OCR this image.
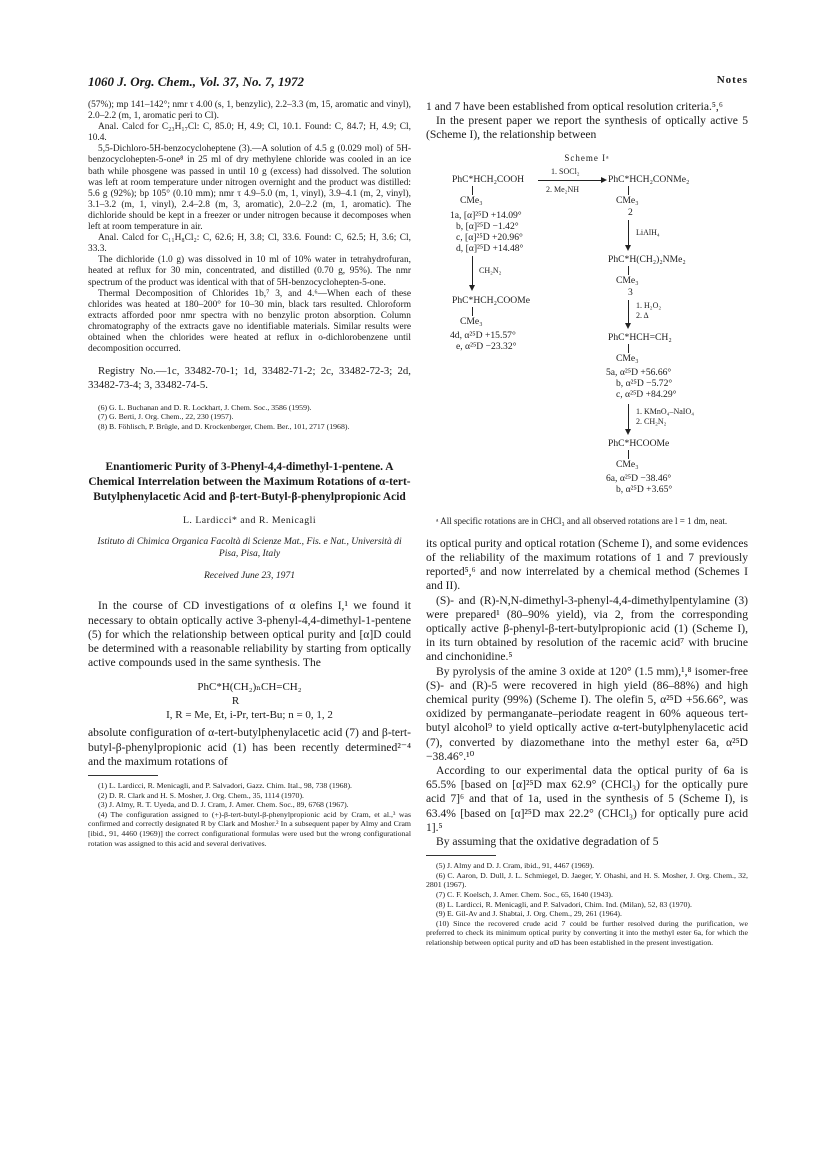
1060 J. Org. Chem., Vol. 37, No. 7, 1972	Notes

(57%); mp 141–142°; nmr τ 4.00 (s, 1, benzylic), 2.2–3.3 (m, 15, aromatic and vinyl), 2.0–2.2 (m, 1, aromatic peri to Cl).

Anal. Calcd for C₂₃H₁₇Cl: C, 85.0; H, 4.9; Cl, 10.1. Found: C, 84.7; H, 4.9; Cl, 10.4.

5,5-Dichloro-5H-benzocycloheptene (3).—A solution of 4.5 g (0.029 mol) of 5H-benzocyclohepten-5-one⁸ in 25 ml of dry methylene chloride was cooled in an ice bath while phosgene was passed in until 10 g (excess) had dissolved. The solution was left at room temperature under nitrogen overnight and the product was distilled: 5.6 g (92%); bp 105° (0.10 mm); nmr τ 4.9–5.0 (m, 1, vinyl), 3.9–4.1 (m, 2, vinyl), 3.1–3.2 (m, 1, vinyl), 2.4–2.8 (m, 3, aromatic), 2.0–2.2 (m, 1, aromatic). The dichloride should be kept in a freezer or under nitrogen because it decomposes when left at room temperature in air.

Anal. Calcd for C₁₁H₈Cl₂: C, 62.6; H, 3.8; Cl, 33.6. Found: C, 62.5; H, 3.6; Cl, 33.3.

The dichloride (1.0 g) was dissolved in 10 ml of 10% water in tetrahydrofuran, heated at reflux for 30 min, concentrated, and distilled (0.70 g, 95%). The nmr spectrum of the product was identical with that of 5H-benzocyclohepten-5-one.

Thermal Decomposition of Chlorides 1b,⁷ 3, and 4.⁶—When each of these chlorides was heated at 180–200° for 10–30 min, black tars resulted. Chloroform extracts afforded poor nmr spectra with no benzylic proton absorption. Column chromatography of the extracts gave no identifiable materials. Similar results were obtained when the chlorides were heated at reflux in o-dichlorobenzene until decomposition occurred.

Registry No.—1c, 33482-70-1; 1d, 33482-71-2; 2c, 33482-72-3; 2d, 33482-73-4; 3, 33482-74-5.

(6) G. L. Buchanan and D. R. Lockhart, J. Chem. Soc., 3586 (1959).

(7) G. Berti, J. Org. Chem., 22, 230 (1957).

(8) B. Föhlisch, P. Brügle, and D. Krockenberger, Chem. Ber., 101, 2717 (1968).

Enantiomeric Purity of 3-Phenyl-4,4-dimethyl-1-pentene. A Chemical Interrelation between the Maximum Rotations of α-tert-Butylphenylacetic Acid and β-tert-Butyl-β-phenylpropionic Acid
L. Lardicci* and R. Menicagli
Istituto di Chimica Organica Facoltà di Scienze Mat., Fis. e Nat., Università di Pisa, Pisa, Italy
Received June 23, 1971

In the course of CD investigations of α olefins I,¹ we found it necessary to obtain optically active 3-phenyl-4,4-dimethyl-1-pentene (5) for which the relationship between optical purity and [α]D could be determined with a reasonable reliability by starting from optically active compounds used in the same synthesis. The

PhC*H(CH₂)ₙCH=CH₂
R
I, R = Me, Et, i-Pr, tert-Bu; n = 0, 1, 2

absolute configuration of α-tert-butylphenylacetic acid (7) and β-tert-butyl-β-phenylpropionic acid (1) has been recently determined²⁻⁴ and the maximum rotations of

(1) L. Lardicci, R. Menicagli, and P. Salvadori, Gazz. Chim. Ital., 98, 738 (1968).

(2) D. R. Clark and H. S. Mosher, J. Org. Chem., 35, 1114 (1970).

(3) J. Almy, R. T. Uyeda, and D. J. Cram, J. Amer. Chem. Soc., 89, 6768 (1967).

(4) The configuration assigned to (+)-β-tert-butyl-β-phenylpropionic acid by Cram, et al.,³ was confirmed and correctly designated R by Clark and Mosher.² In a subsequent paper by Almy and Cram [ibid., 91, 4460 (1969)] the correct configurational formulas were used but the wrong configurational rotation was assigned to this acid and several derivatives.

1 and 7 have been established from optical resolution criteria.⁵,⁶

In the present paper we report the synthesis of optically active 5 (Scheme I), the relationship between

Scheme Iᵃ
PhC*HCH₂COOH
CMe₃
1. SOCl₂
2. Me₂NH
PhC*HCH₂CONMe₂
CMe₃
2
1a, [α]²⁵D +14.09°
b, [α]²⁵D −1.42°
c, [α]²⁵D +20.96°
d, [α]²⁵D +14.48°
CH₂N₂
LiAlH₄
PhC*H(CH₂)₂NMe₂
CMe₃
3
PhC*HCH₂COOMe
CMe₃
4d, α²⁵D +15.57°
e, α²⁵D −23.32°
1. H₂O₂
2. Δ
PhC*HCH=CH₂
CMe₃
5a, α²⁵D +56.66°
b, α²⁵D −5.72°
c, α²⁵D +84.29°
1. KMnO₄–NaIO₄
2. CH₂N₂
PhC*HCOOMe
CMe₃
6a, α²⁵D −38.46°
b, α²⁵D +3.65°

ᵃ All specific rotations are in CHCl₃ and all observed rotations are l = 1 dm, neat.

its optical purity and optical rotation (Scheme I), and some evidences of the reliability of the maximum rotations of 1 and 7 previously reported⁵,⁶ and now interrelated by a chemical method (Schemes I and II).

(S)- and (R)-N,N-dimethyl-3-phenyl-4,4-dimethylpentylamine (3) were prepared¹ (80–90% yield), via 2, from the corresponding optically active β-phenyl-β-tert-butylpropionic acid (1) (Scheme I), in its turn obtained by resolution of the racemic acid⁷ with brucine and cinchonidine.⁵

By pyrolysis of the amine 3 oxide at 120° (1.5 mm),¹,⁸ isomer-free (S)- and (R)-5 were recovered in high yield (86–88%) and high chemical purity (99%) (Scheme I). The olefin 5, α²⁵D +56.66°, was oxidized by permanganate–periodate reagent in 60% aqueous tert-butyl alcohol⁹ to yield optically active α-tert-butylphenylacetic acid (7), converted by diazomethane into the methyl ester 6a, α²⁵D −38.46°.¹⁰

According to our experimental data the optical purity of 6a is 65.5% [based on [α]²⁵D max 62.9° (CHCl₃) for the optically pure acid 7]⁶ and that of 1a, used in the synthesis of 5 (Scheme I), is 63.4% [based on [α]²⁵D max 22.2° (CHCl₃) for optically pure acid 1].⁵

By assuming that the oxidative degradation of 5

(5) J. Almy and D. J. Cram, ibid., 91, 4467 (1969).

(6) C. Aaron, D. Dull, J. L. Schmiegel, D. Jaeger, Y. Ohashi, and H. S. Mosher, J. Org. Chem., 32, 2801 (1967).

(7) C. F. Koelsch, J. Amer. Chem. Soc., 65, 1640 (1943).

(8) L. Lardicci, R. Menicagli, and P. Salvadori, Chim. Ind. (Milan), 52, 83 (1970).

(9) E. Gil-Av and J. Shabtai, J. Org. Chem., 29, 261 (1964).

(10) Since the recovered crude acid 7 could be further resolved during the purification, we preferred to check its minimum optical purity by converting it into the methyl ester 6a, for which the relationship between optical purity and αD has been established in the present investigation.
